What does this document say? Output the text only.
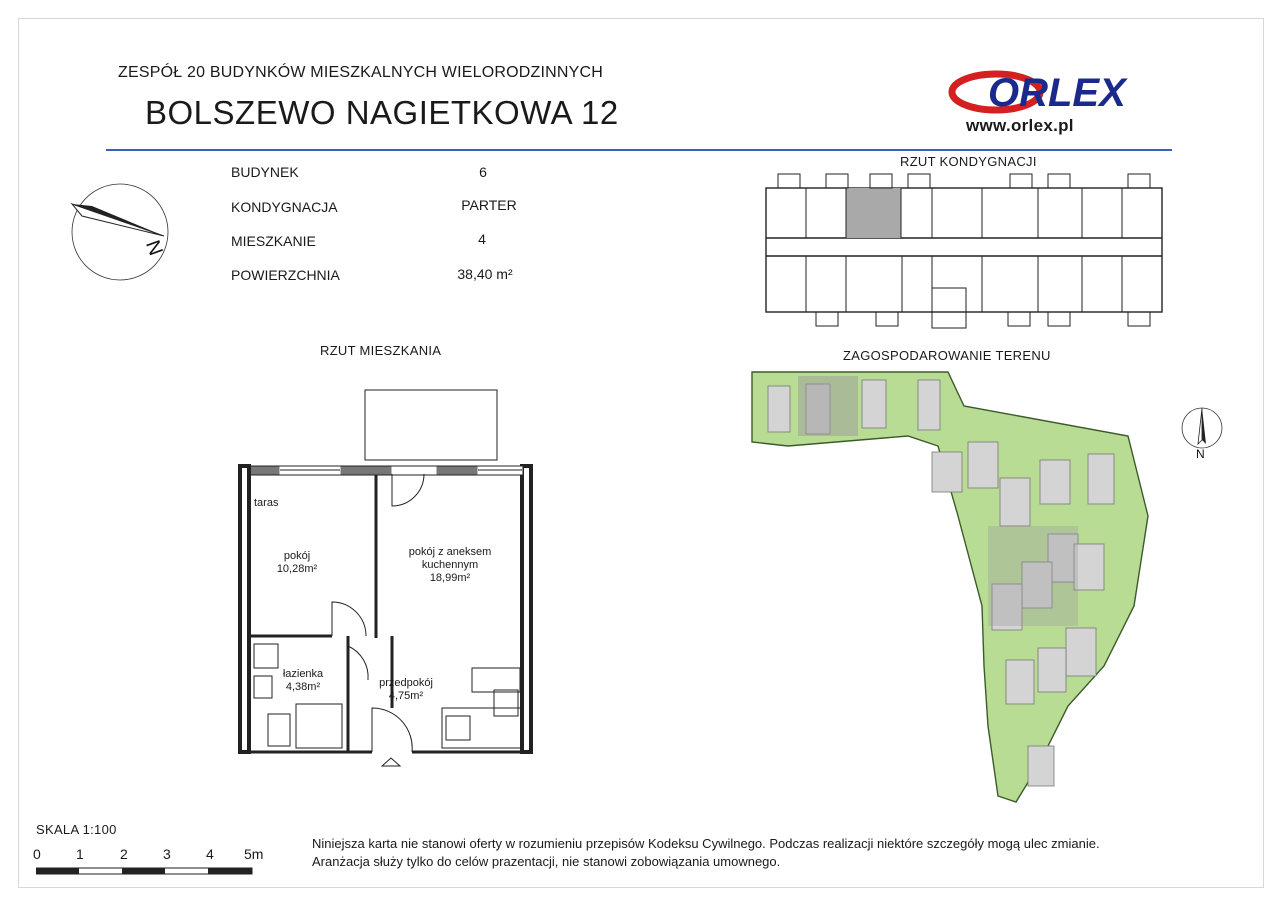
ZESPÓŁ 20 BUDYNKÓW MIESZKALNYCH WIELORODZINNYCH
BOLSZEWO NAGIETKOWA 12	ORLEX
www.orlex.pl
BUDYNEK	6
KONDYGNACJA	PARTER
MIESZKANIE	4
POWIERZCHNIA	38,40 m²
N
RZUT KONDYGNACJI
RZUT MIESZKANIA
taras
pokój
10,28m²
pokój z aneksem
kuchennym
18,99m²
łazienka
4,38m²	przedpokój
4,75m²
ZAGOSPODAROWANIE TERENU
N
SKALA 1:100
0	1	2	3	4 5m
Niniejsza karta nie stanowi oferty w rozumieniu przepisów Kodeksu Cywilnego. Podczas realizacji niektóre szczegóły mogą ulec zmianie.
Aranżacja służy tylko do celów prazentacji, nie stanowi zobowiązania umownego.
